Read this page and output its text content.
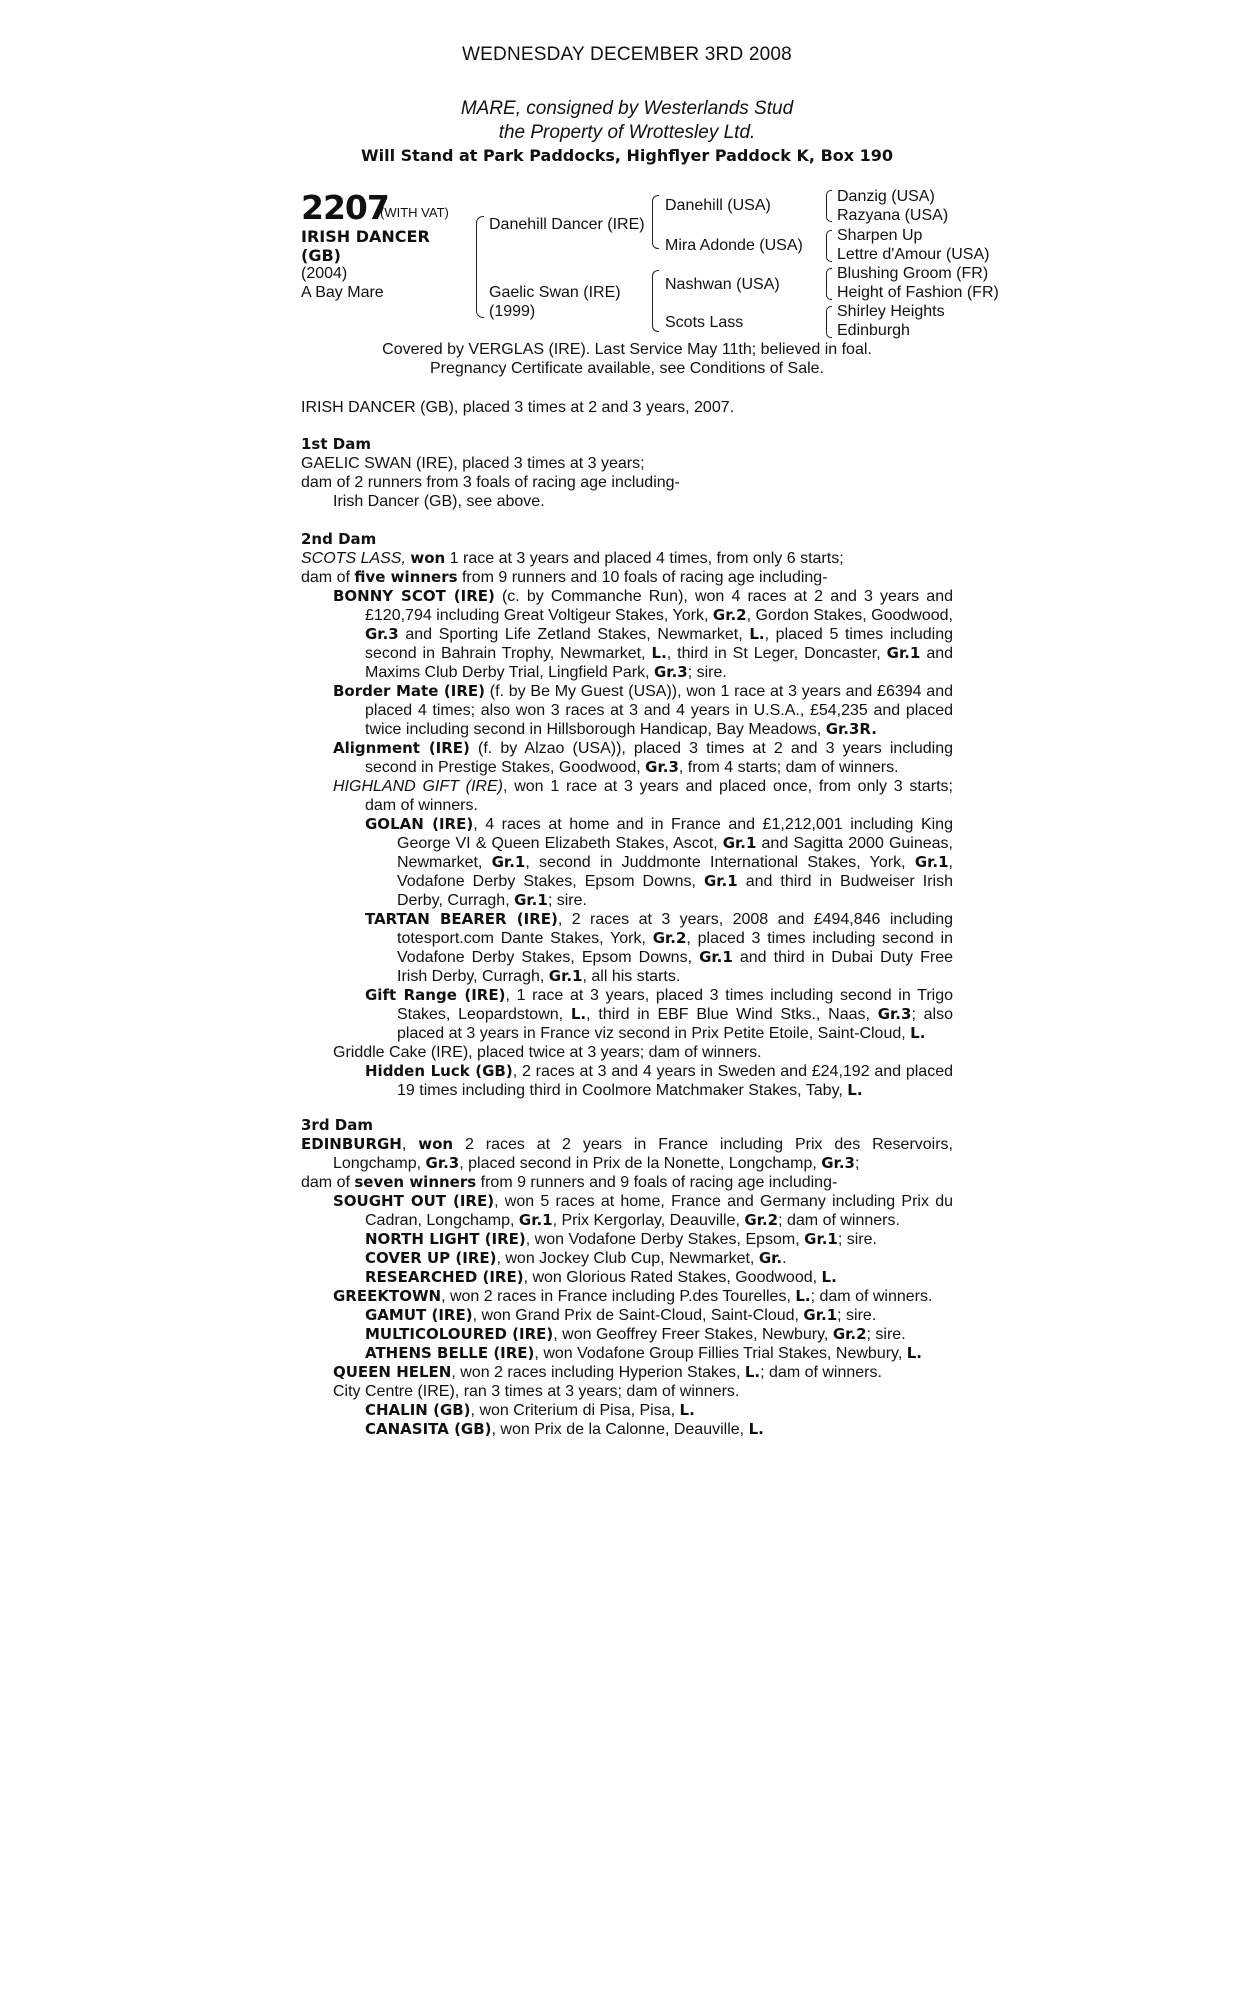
WEDNESDAY DECEMBER 3RD 2008
MARE, consigned by Westerlands Stud
the Property of Wrottesley Ltd.
Will Stand at Park Paddocks, Highflyer Paddock K, Box 190
2207
(WITH VAT)
IRISH DANCER
(GB)
(2004)
A Bay Mare
Danehill Dancer (IRE)
Gaelic Swan (IRE)
(1999)
Danehill (USA)
Mira Adonde (USA)
Nashwan (USA)
Scots Lass
Danzig (USA)
Razyana (USA)
Sharpen Up
Lettre d'Amour (USA)
Blushing Groom (FR)
Height of Fashion (FR)
Shirley Heights
Edinburgh
Covered by VERGLAS (IRE). Last Service May 11th; believed in foal.
Pregnancy Certificate available, see Conditions of Sale.

IRISH DANCER (GB), placed 3 times at 2 and 3 years, 2007.

1st Dam

GAELIC SWAN (IRE), placed 3 times at 3 years;

dam of 2 runners from 3 foals of racing age including-

Irish Dancer (GB), see above.

2nd Dam

SCOTS LASS, won 1 race at 3 years and placed 4 times, from only 6 starts;

dam of five winners from 9 runners and 10 foals of racing age including-

BONNY SCOT (IRE) (c. by Commanche Run), won 4 races at 2 and 3 years and £120,794 including Great Voltigeur Stakes, York, Gr.2, Gordon Stakes, Goodwood, Gr.3 and Sporting Life Zetland Stakes, Newmarket, L., placed 5 times including second in Bahrain Trophy, Newmarket, L., third in St Leger, Doncaster, Gr.1 and Maxims Club Derby Trial, Lingfield Park, Gr.3; sire.

Border Mate (IRE) (f. by Be My Guest (USA)), won 1 race at 3 years and £6394 and placed 4 times; also won 3 races at 3 and 4 years in U.S.A., £54,235 and placed twice including second in Hillsborough Handicap, Bay Meadows, Gr.3R.

Alignment (IRE) (f. by Alzao (USA)), placed 3 times at 2 and 3 years including second in Prestige Stakes, Goodwood, Gr.3, from 4 starts; dam of winners.

HIGHLAND GIFT (IRE), won 1 race at 3 years and placed once, from only 3 starts; dam of winners.

GOLAN (IRE), 4 races at home and in France and £1,212,001 including King George VI & Queen Elizabeth Stakes, Ascot, Gr.1 and Sagitta 2000 Guineas, Newmarket, Gr.1, second in Juddmonte International Stakes, York, Gr.1, Vodafone Derby Stakes, Epsom Downs, Gr.1 and third in Budweiser Irish Derby, Curragh, Gr.1; sire.

TARTAN BEARER (IRE), 2 races at 3 years, 2008 and £494,846 including totesport.com Dante Stakes, York, Gr.2, placed 3 times including second in Vodafone Derby Stakes, Epsom Downs, Gr.1 and third in Dubai Duty Free Irish Derby, Curragh, Gr.1, all his starts.

Gift Range (IRE), 1 race at 3 years, placed 3 times including second in Trigo Stakes, Leopardstown, L., third in EBF Blue Wind Stks., Naas, Gr.3; also placed at 3 years in France viz second in Prix Petite Etoile, Saint-Cloud, L.

Griddle Cake (IRE), placed twice at 3 years; dam of winners.

Hidden Luck (GB), 2 races at 3 and 4 years in Sweden and £24,192 and placed 19 times including third in Coolmore Matchmaker Stakes, Taby, L.

3rd Dam

EDINBURGH, won 2 races at 2 years in France including Prix des Reservoirs, Longchamp, Gr.3, placed second in Prix de la Nonette, Longchamp, Gr.3;

dam of seven winners from 9 runners and 9 foals of racing age including-

SOUGHT OUT (IRE), won 5 races at home, France and Germany including Prix du Cadran, Longchamp, Gr.1, Prix Kergorlay, Deauville, Gr.2; dam of winners.

NORTH LIGHT (IRE), won Vodafone Derby Stakes, Epsom, Gr.1; sire.

COVER UP (IRE), won Jockey Club Cup, Newmarket, Gr..

RESEARCHED (IRE), won Glorious Rated Stakes, Goodwood, L.

GREEKTOWN, won 2 races in France including P.des Tourelles, L.; dam of winners.

GAMUT (IRE), won Grand Prix de Saint-Cloud, Saint-Cloud, Gr.1; sire.

MULTICOLOURED (IRE), won Geoffrey Freer Stakes, Newbury, Gr.2; sire.

ATHENS BELLE (IRE), won Vodafone Group Fillies Trial Stakes, Newbury, L.

QUEEN HELEN, won 2 races including Hyperion Stakes, L.; dam of winners.

City Centre (IRE), ran 3 times at 3 years; dam of winners.

CHALIN (GB), won Criterium di Pisa, Pisa, L.

CANASITA (GB), won Prix de la Calonne, Deauville, L.
